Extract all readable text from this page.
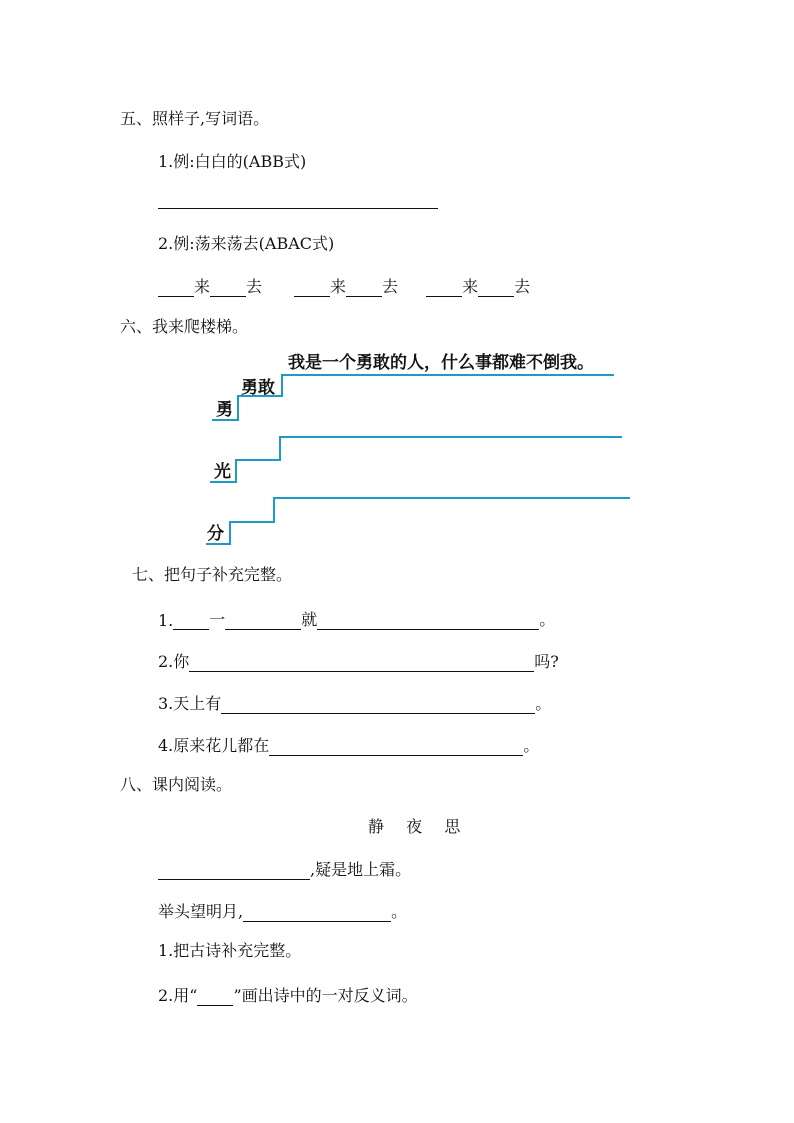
五、照样子,写词语。
1.例:白白的(ABB式)
2.例:荡来荡去(ABAC式)
来 去	来 去	来 去
六、我来爬楼梯。
我是一个勇敢的人，什么事都难不倒我。
勇敢
勇
光
分
七、把句子补充完整。
1. 一	就	。
2.你	吗?
3.天上有	。
4.原来花儿都在	。
八、课内阅读。
静  夜  思
,疑是地上霜。
举头望明月,	。
1.把古诗补充完整。
2.用“ ”画出诗中的一对反义词。
